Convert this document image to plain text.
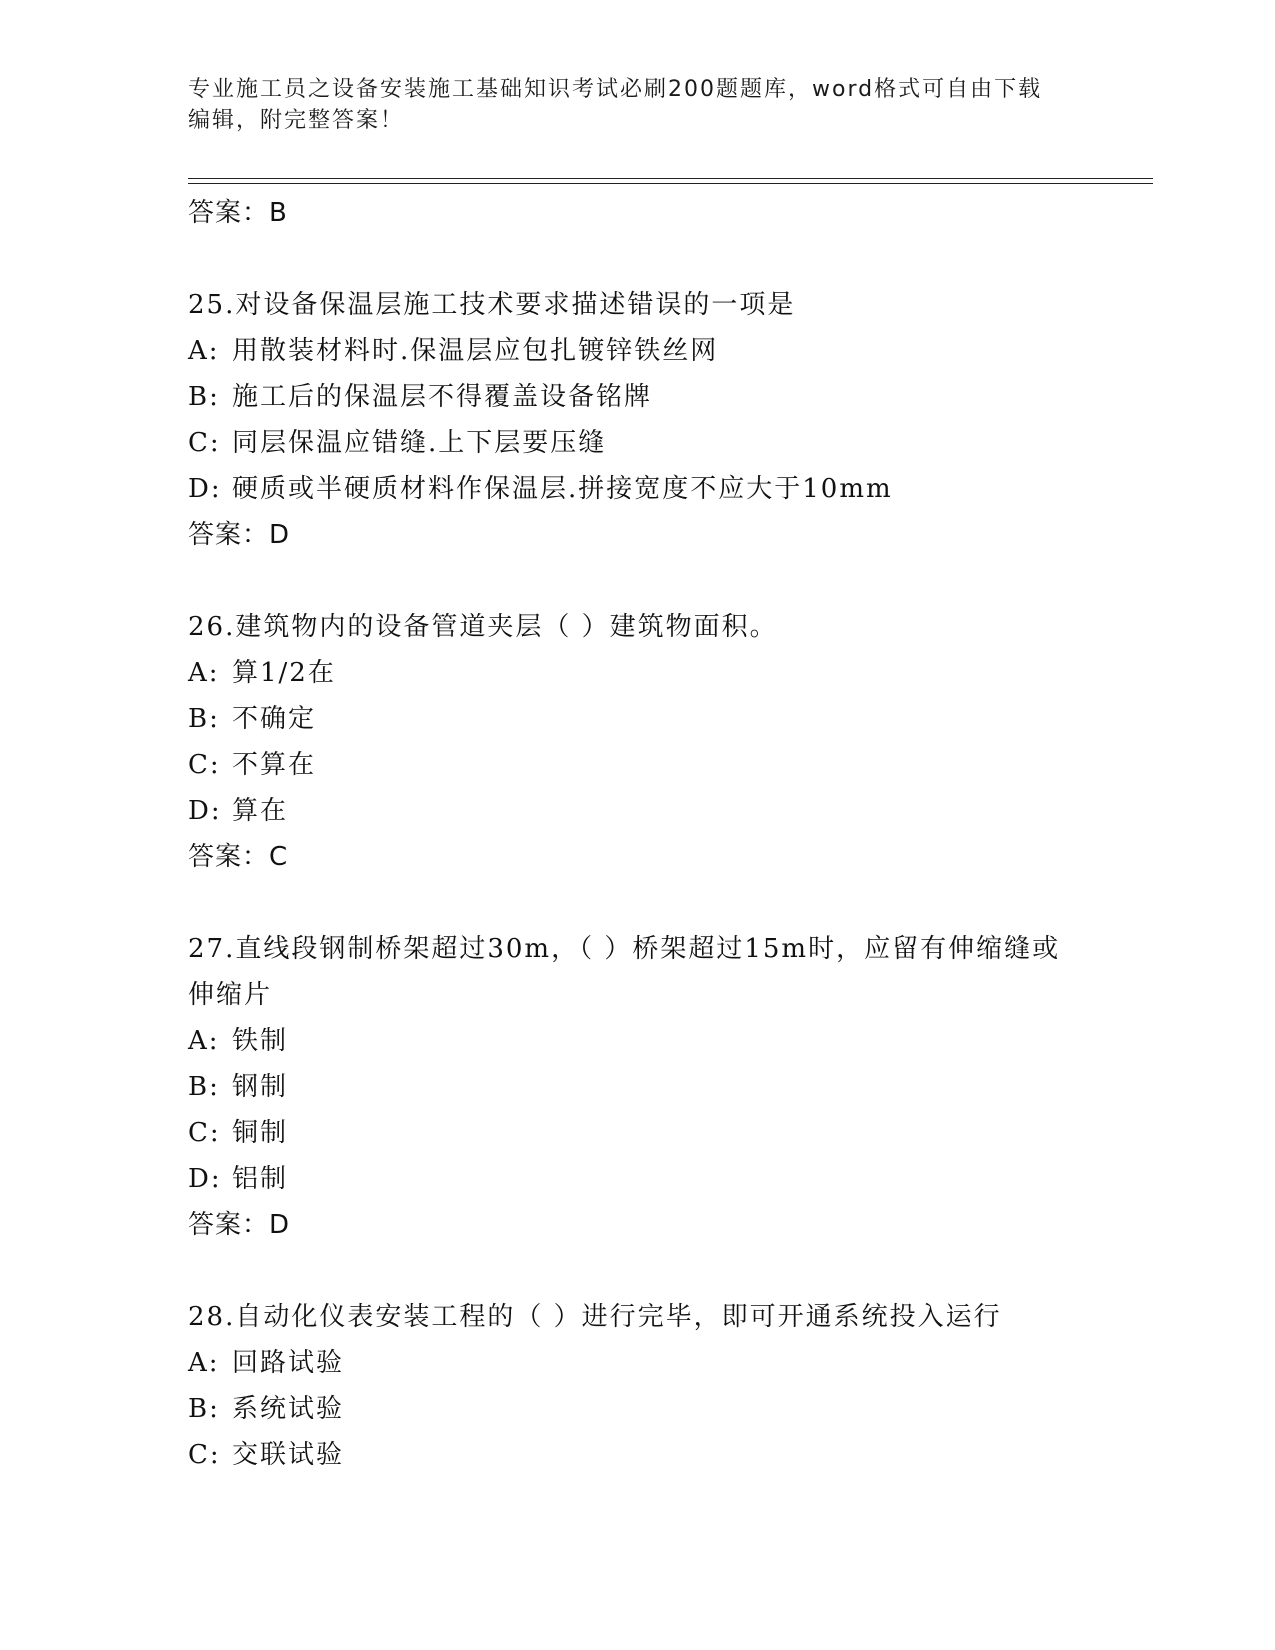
专业施工员之设备安装施工基础知识考试必刷200题题库，word格式可自由下载
编辑，附完整答案！
答案：B
25.对设备保温层施工技术要求描述错误的一项是
A: 用散装材料时.保温层应包扎镀锌铁丝网
B: 施工后的保温层不得覆盖设备铭牌
C: 同层保温应错缝.上下层要压缝
D: 硬质或半硬质材料作保温层.拼接宽度不应大于10mm
答案：D
26.建筑物内的设备管道夹层（ ）建筑物面积。
A: 算1/2在
B: 不确定
C: 不算在
D: 算在
答案：C
27.直线段钢制桥架超过30m，（ ）桥架超过15m时，应留有伸缩缝或
伸缩片
A: 铁制
B: 钢制
C: 铜制
D: 铝制
答案：D
28.自动化仪表安装工程的（ ）进行完毕，即可开通系统投入运行
A: 回路试验
B: 系统试验
C: 交联试验
